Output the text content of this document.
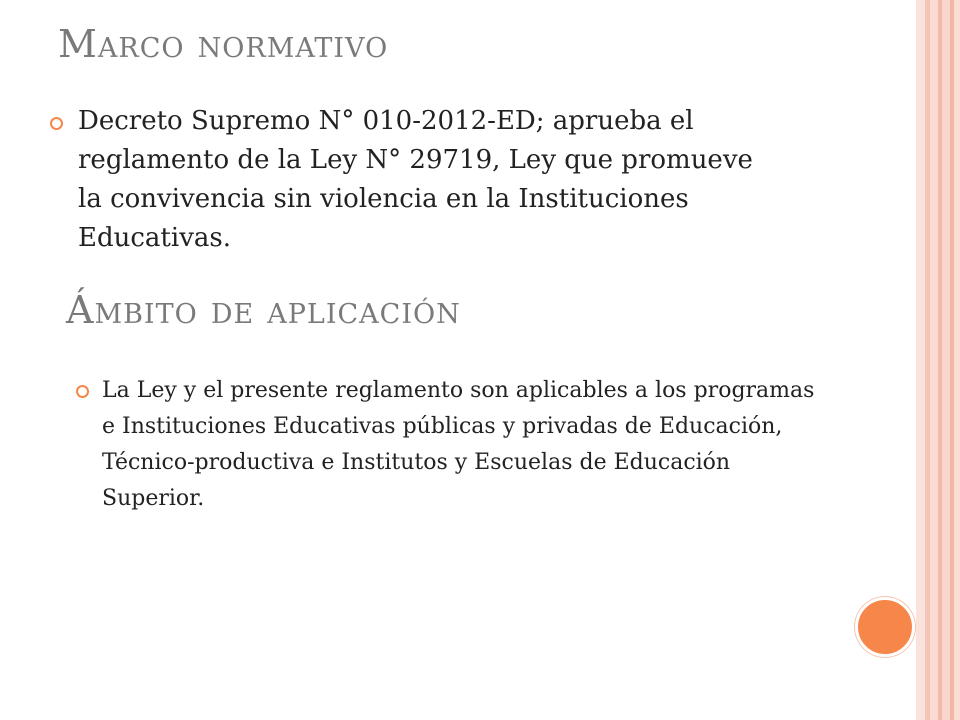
Marco normativo

Decreto Supremo N° 010-2012-ED; aprueba el reglamento de la Ley N° 29719, Ley que promueve la convivencia sin violencia en la Instituciones Educativas.

Ámbito de aplicación

La Ley y el presente reglamento son aplicables a los programas e Instituciones Educativas públicas y privadas de Educación, Técnico-productiva e Institutos y Escuelas de Educación Superior.
